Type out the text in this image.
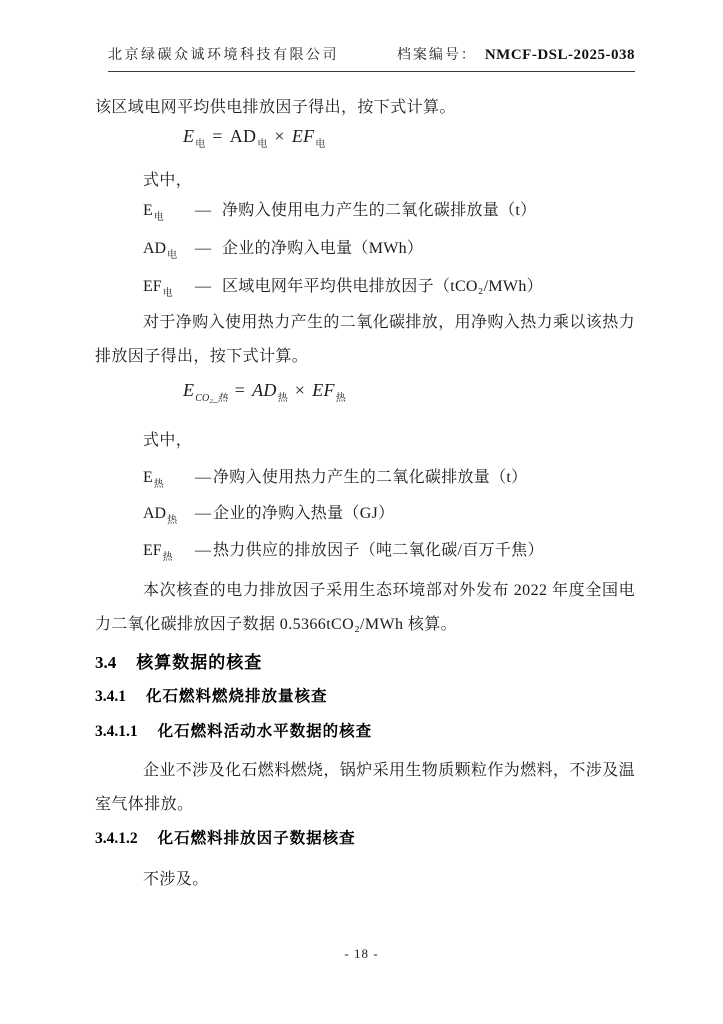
北京绿碳众诚环境科技有限公司	档案编号： NMCF-DSL-2025-038
该区域电网平均供电排放因子得出，按下式计算。
E电 = AD电 × EF电
式中，
E电	— 净购入使用电力产生的二氧化碳排放量（t）
AD电	— 企业的净购入电量（MWh）
EF电	— 区域电网年平均供电排放因子（tCO₂/MWh）
对于净购入使用热力产生的二氧化碳排放，用净购入热力乘以该热力排放因子得出，按下式计算。
ECO₂_热 = AD热 × EF热
式中，
E热	— 净购入使用热力产生的二氧化碳排放量（t）
AD热	— 企业的净购入热量（GJ）
EF热	— 热力供应的排放因子（吨二氧化碳/百万千焦）
本次核查的电力排放因子采用生态环境部对外发布 2022 年度全国电力二氧化碳排放因子数据 0.5366tCO₂/MWh 核算。
3.4 核算数据的核查
3.4.1 化石燃料燃烧排放量核查
3.4.1.1 化石燃料活动水平数据的核查
企业不涉及化石燃料燃烧，锅炉采用生物质颗粒作为燃料，不涉及温室气体排放。
3.4.1.2 化石燃料排放因子数据核查
不涉及。
- 18 -
